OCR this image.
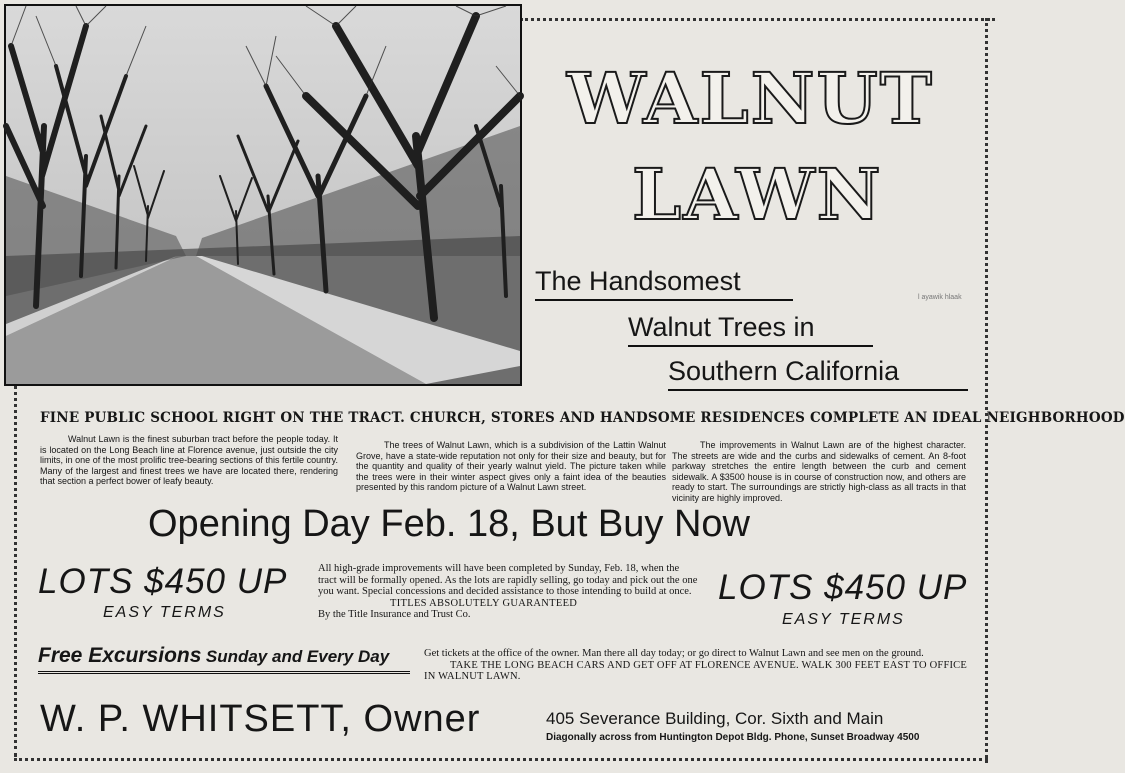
WALNUT
LAWN
The Handsomest
Walnut Trees in
Southern California
l ayawik hlaak
FINE PUBLIC SCHOOL RIGHT ON THE TRACT. CHURCH, STORES AND HANDSOME RESIDENCES COMPLETE AN IDEAL NEIGHBORHOOD
Walnut Lawn is the finest suburban tract before the people today. It is located on the Long Beach line at Florence avenue, just outside the city limits, in one of the most prolific tree-bearing sections of this fertile country. Many of the largest and finest trees we have are located there, rendering that section a perfect bower of leafy beauty.
The trees of Walnut Lawn, which is a subdivision of the Lattin Walnut Grove, have a state-wide reputation not only for their size and beauty, but for the quantity and quality of their yearly walnut yield. The picture taken while the trees were in their winter aspect gives only a faint idea of the beauties presented by this random picture of a Walnut Lawn street.
The improvements in Walnut Lawn are of the highest character. The streets are wide and the curbs and sidewalks of cement. An 8-foot parkway stretches the entire length between the curb and cement sidewalk. A $3500 house is in course of construction now, and others are ready to start. The surroundings are strictly high-class as all tracts in that vicinity are highly improved.
Opening Day Feb. 18, But Buy Now
LOTS $450 UP
EASY TERMS
All high-grade improvements will have been completed by Sunday, Feb. 18, when the tract will be formally opened. As the lots are rapidly selling, go today and pick out the one you want. Special concessions and decided assistance to those intending to build at once.
TITLES ABSOLUTELY GUARANTEED
By the Title Insurance and Trust Co.
LOTS $450 UP
EASY TERMS
Free Excursions Sunday and Every Day	Get tickets at the office of the owner. Man there all day today; or go direct to Walnut Lawn and see men on the ground.
TAKE THE LONG BEACH CARS AND GET OFF AT FLORENCE AVENUE. WALK 300 FEET EAST TO OFFICE IN WALNUT LAWN.
W. P. WHITSETT, Owner	405 Severance Building, Cor. Sixth and Main
Diagonally across from Huntington Depot Bldg. Phone, Sunset Broadway 4500
